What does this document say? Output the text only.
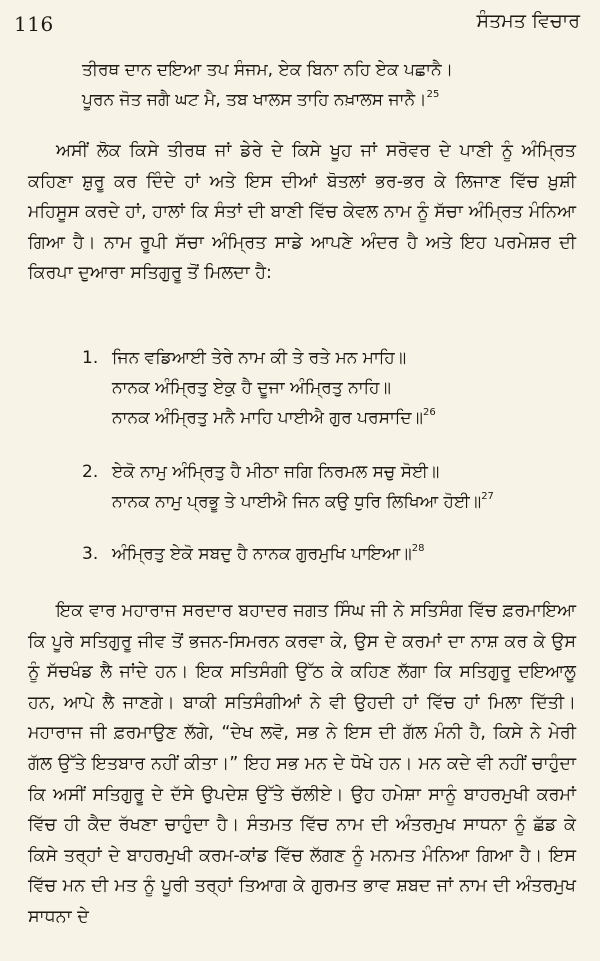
116	ਸੰਤਮਤ ਵਿਚਾਰ
ਤੀਰਥ ਦਾਨ ਦਇਆ ਤਪ ਸੰਜਮ, ਏਕ ਬਿਨਾ ਨਹਿ ਏਕ ਪਛਾਨੈ।
ਪੂਰਨ ਜੋਤ ਜਗੈ ਘਟ ਮੈ, ਤਬ ਖਾਲਸ ਤਾਹਿ ਨਖ਼ਾਲਸ ਜਾਨੈ।$^{25}$
ਅਸੀਂ ਲੋਕ ਕਿਸੇ ਤੀਰਥ ਜਾਂ ਡੇਰੇ ਦੇ ਕਿਸੇ ਖੂਹ ਜਾਂ ਸਰੋਵਰ ਦੇ ਪਾਣੀ ਨੂੰ ਅੰਮ੍ਰਿਤ ਕਹਿਣਾ ਸ਼ੁਰੂ ਕਰ ਦਿੰਦੇ ਹਾਂ ਅਤੇ ਇਸ ਦੀਆਂ ਬੋਤਲਾਂ ਭਰ-ਭਰ ਕੇ ਲਿਜਾਣ ਵਿੱਚ ਖ਼ੁਸ਼ੀ ਮਹਿਸੂਸ ਕਰਦੇ ਹਾਂ, ਹਾਲਾਂ ਕਿ ਸੰਤਾਂ ਦੀ ਬਾਣੀ ਵਿੱਚ ਕੇਵਲ ਨਾਮ ਨੂੰ ਸੱਚਾ ਅੰਮ੍ਰਿਤ ਮੰਨਿਆ ਗਿਆ ਹੈ। ਨਾਮ ਰੂਪੀ ਸੱਚਾ ਅੰਮ੍ਰਿਤ ਸਾਡੇ ਆਪਣੇ ਅੰਦਰ ਹੈ ਅਤੇ ਇਹ ਪਰਮੇਸ਼ਰ ਦੀ ਕਿਰਪਾ ਦੁਆਰਾ ਸਤਿਗੁਰੂ ਤੋਂ ਮਿਲਦਾ ਹੈ:
1. ਜਿਨ ਵਡਿਆਈ ਤੇਰੇ ਨਾਮ ਕੀ ਤੇ ਰਤੇ ਮਨ ਮਾਹਿ॥
ਨਾਨਕ ਅੰਮ੍ਰਿਤੁ ਏਕੁ ਹੈ ਦੂਜਾ ਅੰਮ੍ਰਿਤੁ ਨਾਹਿ॥
ਨਾਨਕ ਅੰਮ੍ਰਿਤੁ ਮਨੈ ਮਾਹਿ ਪਾਈਐ ਗੁਰ ਪਰਸਾਦਿ॥$^{26}$
2. ਏਕੋ ਨਾਮੁ ਅੰਮ੍ਰਿਤੁ ਹੈ ਮੀਠਾ ਜਗਿ ਨਿਰਮਲ ਸਚੁ ਸੋਈ॥
ਨਾਨਕ ਨਾਮੁ ਪ੍ਰਭੂ ਤੇ ਪਾਈਐ ਜਿਨ ਕਉ ਧੁਰਿ ਲਿਖਿਆ ਹੋਈ॥$^{27}$
3. ਅੰਮ੍ਰਿਤੁ ਏਕੋ ਸਬਦੁ ਹੈ ਨਾਨਕ ਗੁਰਮੁਖਿ ਪਾਇਆ॥$^{28}$
ਇਕ ਵਾਰ ਮਹਾਰਾਜ ਸਰਦਾਰ ਬਹਾਦਰ ਜਗਤ ਸਿੰਘ ਜੀ ਨੇ ਸਤਿਸੰਗ ਵਿੱਚ ਫ਼ਰਮਾਇਆ ਕਿ ਪੂਰੇ ਸਤਿਗੁਰੂ ਜੀਵ ਤੋਂ ਭਜਨ-ਸਿਮਰਨ ਕਰਵਾ ਕੇ, ਉਸ ਦੇ ਕਰਮਾਂ ਦਾ ਨਾਸ਼ ਕਰ ਕੇ ਉਸ ਨੂੰ ਸੱਚਖੰਡ ਲੈ ਜਾਂਦੇ ਹਨ। ਇਕ ਸਤਿਸੰਗੀ ਉੱਠ ਕੇ ਕਹਿਣ ਲੱਗਾ ਕਿ ਸਤਿਗੁਰੂ ਦਇਆਲੂ ਹਨ, ਆਪੇ ਲੈ ਜਾਣਗੇ। ਬਾਕੀ ਸਤਿਸੰਗੀਆਂ ਨੇ ਵੀ ਉਹਦੀ ਹਾਂ ਵਿੱਚ ਹਾਂ ਮਿਲਾ ਦਿੱਤੀ। ਮਹਾਰਾਜ ਜੀ ਫ਼ਰਮਾਉਣ ਲੱਗੇ, “ਦੇਖ ਲਵੋ, ਸਭ ਨੇ ਇਸ ਦੀ ਗੱਲ ਮੰਨੀ ਹੈ, ਕਿਸੇ ਨੇ ਮੇਰੀ ਗੱਲ ਉੱਤੇ ਇਤਬਾਰ ਨਹੀਂ ਕੀਤਾ।” ਇਹ ਸਭ ਮਨ ਦੇ ਧੋਖੇ ਹਨ। ਮਨ ਕਦੇ ਵੀ ਨਹੀਂ ਚਾਹੁੰਦਾ ਕਿ ਅਸੀਂ ਸਤਿਗੁਰੂ ਦੇ ਦੱਸੇ ਉਪਦੇਸ਼ ਉੱਤੇ ਚੱਲੀਏ। ਉਹ ਹਮੇਸ਼ਾ ਸਾਨੂੰ ਬਾਹਰਮੁਖੀ ਕਰਮਾਂ ਵਿੱਚ ਹੀ ਕੈਦ ਰੱਖਣਾ ਚਾਹੁੰਦਾ ਹੈ। ਸੰਤਮਤ ਵਿੱਚ ਨਾਮ ਦੀ ਅੰਤਰਮੁਖ ਸਾਧਨਾ ਨੂੰ ਛੱਡ ਕੇ ਕਿਸੇ ਤਰ੍ਹਾਂ ਦੇ ਬਾਹਰਮੁਖੀ ਕਰਮ-ਕਾਂਡ ਵਿੱਚ ਲੱਗਣ ਨੂੰ ਮਨਮਤ ਮੰਨਿਆ ਗਿਆ ਹੈ। ਇਸ ਵਿੱਚ ਮਨ ਦੀ ਮਤ ਨੂੰ ਪੂਰੀ ਤਰ੍ਹਾਂ ਤਿਆਗ ਕੇ ਗੁਰਮਤ ਭਾਵ ਸ਼ਬਦ ਜਾਂ ਨਾਮ ਦੀ ਅੰਤਰਮੁਖ ਸਾਧਨਾ ਦੇ
